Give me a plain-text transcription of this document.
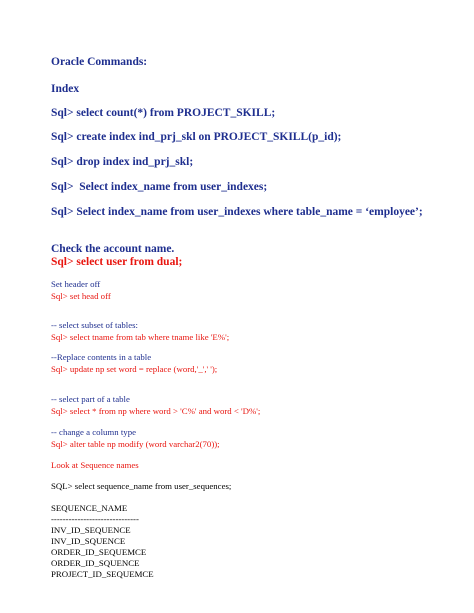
Oracle Commands:
Index
Sql> select count(*) from PROJECT_SKILL;
Sql> create index ind_prj_skl on PROJECT_SKILL(p_id);
Sql> drop index ind_prj_skl;
Sql>  Select index_name from user_indexes;
Sql> Select index_name from user_indexes where table_name = ‘employee’;
Check the account name.
Sql> select user from dual;
Set header off
Sql> set head off
-- select subset of tables:
Sql> select tname from tab where tname like 'E%';
--Replace contents in a table
Sql> update np set word = replace (word,'_',' ');
-- select part of a table
Sql> select * from np where word > 'C%' and word < 'D%';
-- change a column type
Sql> alter table np modify (word varchar2(70));
Look at Sequence names
SQL> select sequence_name from user_sequences;
SEQUENCE_NAME
------------------------------
INV_ID_SEQUENCE
INV_ID_SQUENCE
ORDER_ID_SEQUEMCE
ORDER_ID_SQUENCE
PROJECT_ID_SEQUEMCE
